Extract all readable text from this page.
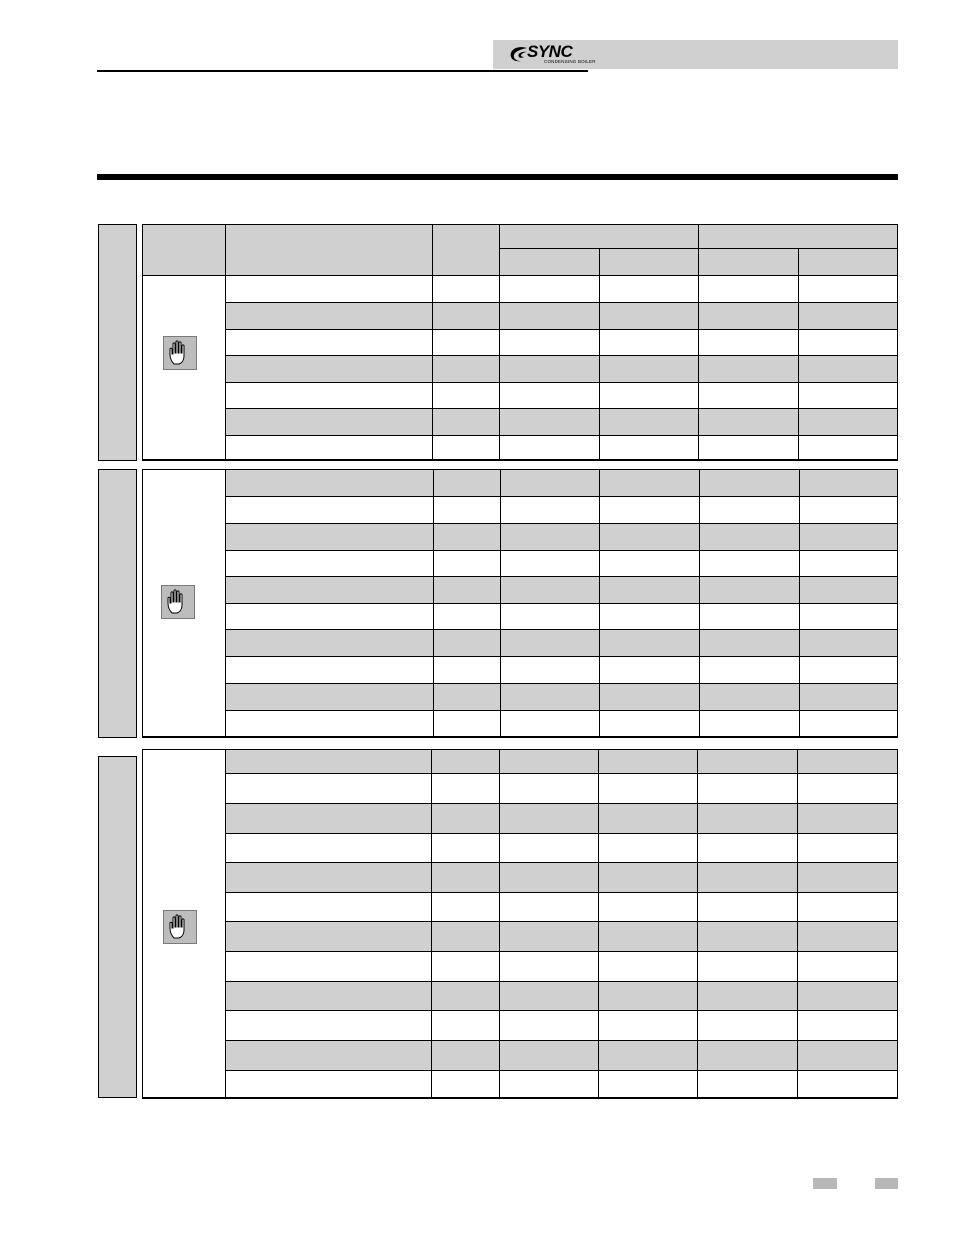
SYNC
CONDENSING BOILER
